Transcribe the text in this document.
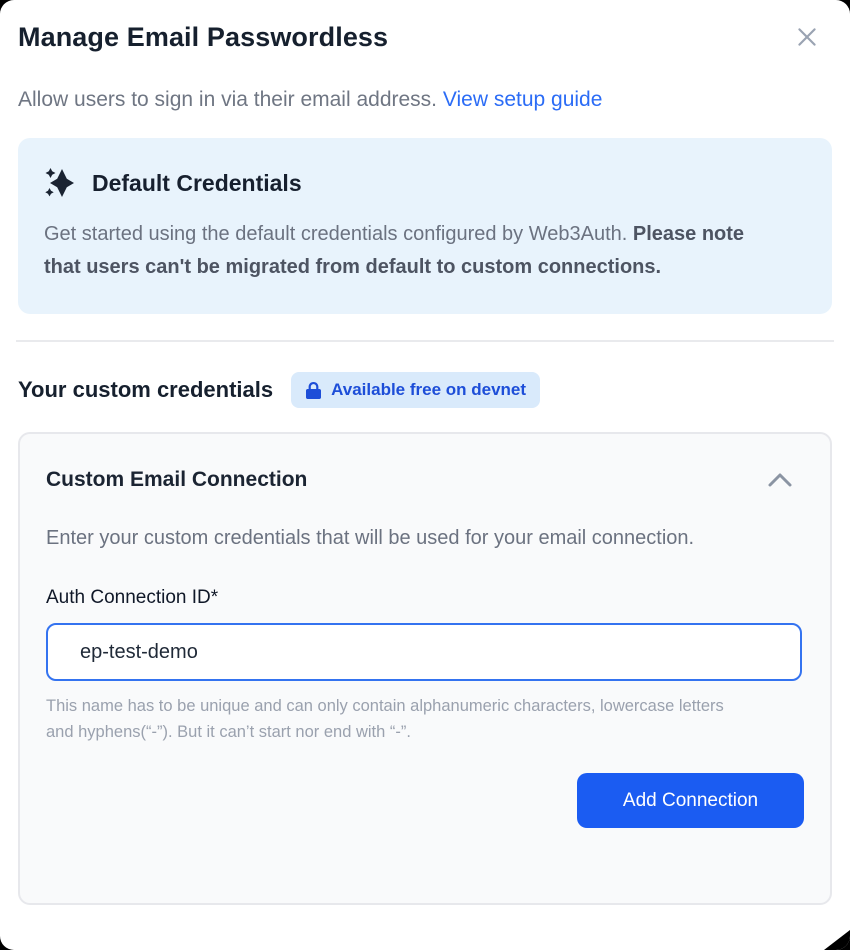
Manage Email Passwordless

Allow users to sign in via their email address. View setup guide

Default Credentials

Get started using the default credentials configured by Web3Auth. Please note that users can't be migrated from default to custom connections.

Your custom credentials	Available free on devnet
Custom Email Connection

Enter your custom credentials that will be used for your email connection.

Auth Connection ID*
ep-test-demo

This name has to be unique and can only contain alphanumeric characters, lowercase letters and hyphens(“-”). But it can’t start nor end with “-”.

Add Connection
